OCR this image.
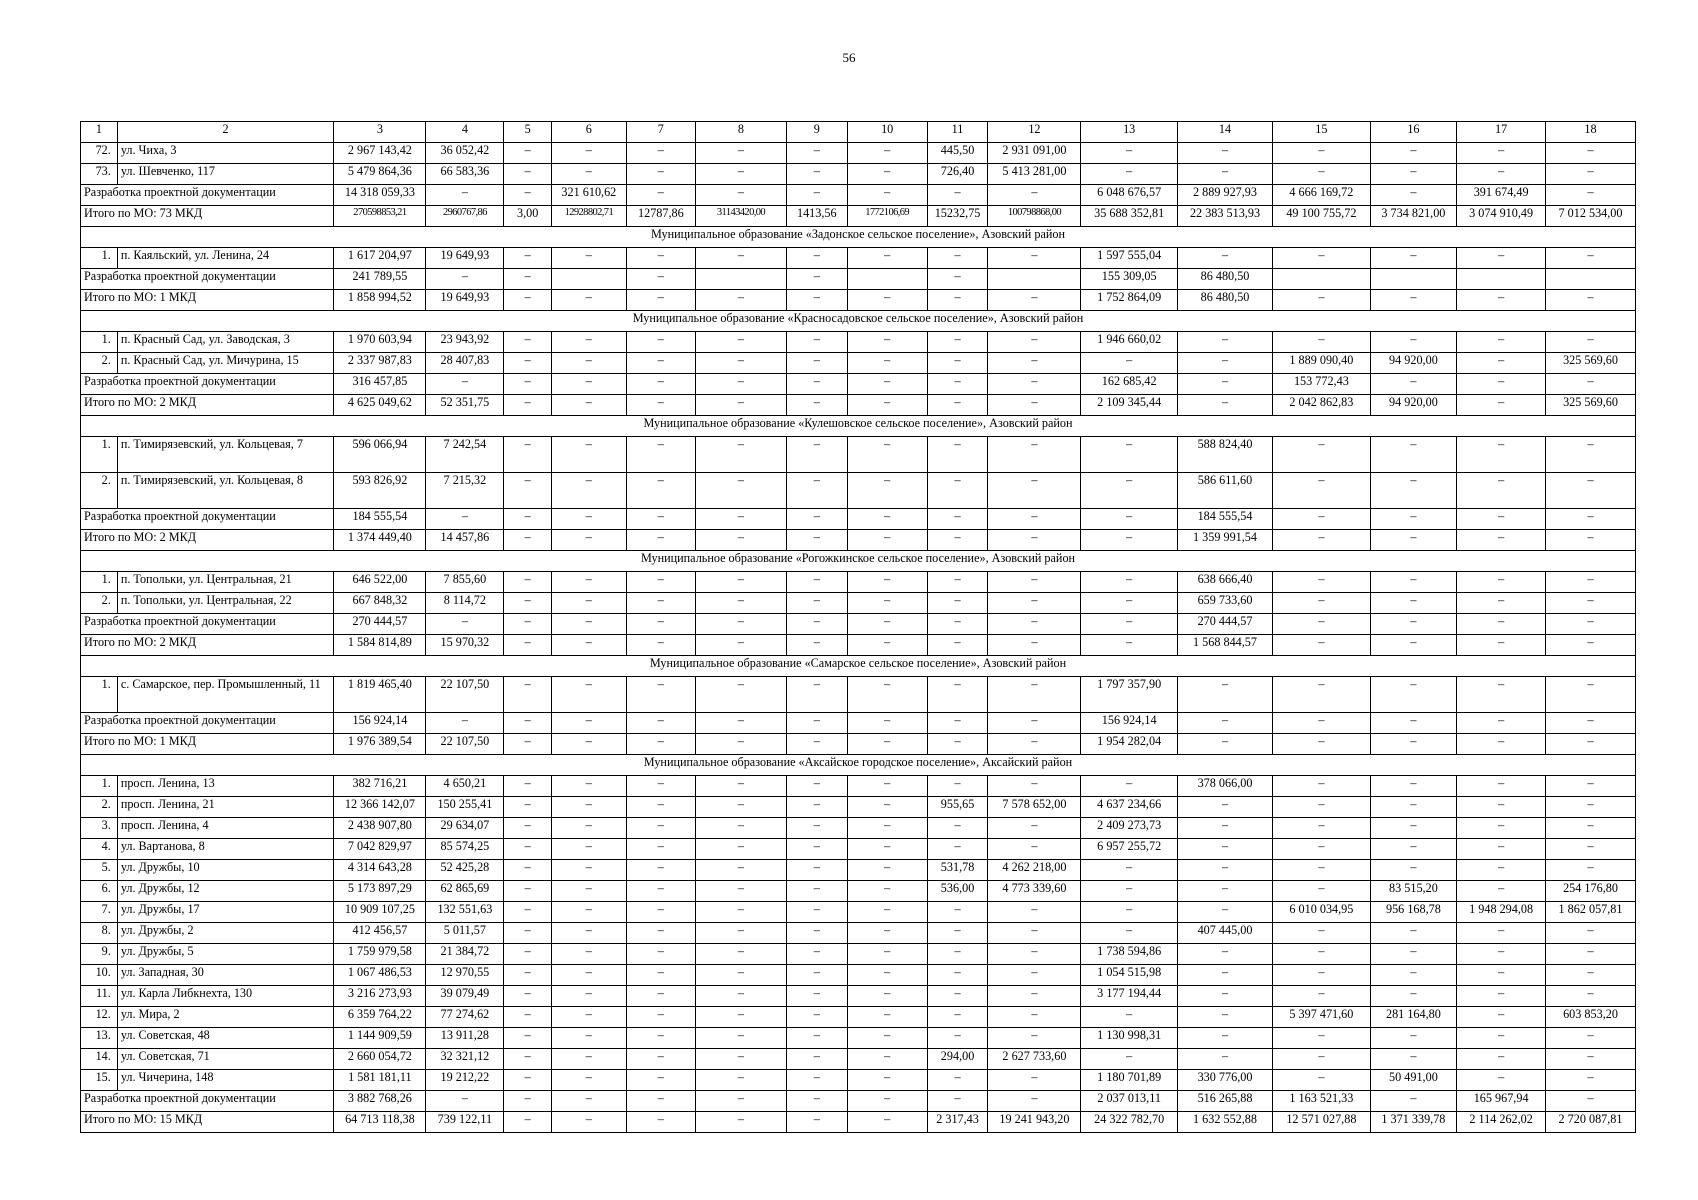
56
1	2	3	4	5	6	7	8	9	10	11	12	13	14	15	16	17	18
72.	ул. Чиха, 3	2 967 143,42	36 052,42	–	–	–	–	–	–	445,50	2 931 091,00	–	–	–	–	–	–
73.	ул. Шевченко, 117	5 479 864,36	66 583,36	–	–	–	–	–	–	726,40	5 413 281,00	–	–	–	–	–	–
Разработка проектной документации		14 318 059,33	–	–	321 610,62	–	–	–	–	–	–	6 048 676,57	2 889 927,93	4 666 169,72	–	391 674,49	–
Итого по МО: 73 МКД		270598853,21	2960767,86	3,00	12928802,71	12787,86	31143420,00	1413,56	1772106,69	15232,75	100798868,00	35 688 352,81	22 383 513,93	49 100 755,72	3 734 821,00	3 074 910,49	7 012 534,00
Муниципальное образование «Задонское сельское поселение», Азовский район																	
1.	п. Каяльский, ул. Ленина, 24	1 617 204,97	19 649,93	–	–	–	–	–	–	–	–	1 597 555,04	–	–	–	–	–
Разработка проектной документации		241 789,55	–	–		–		–		–		155 309,05	86 480,50				
Итого по МО: 1 МКД		1 858 994,52	19 649,93	–	–	–	–	–	–	–	–	1 752 864,09	86 480,50	–	–	–	–
Муниципальное образование «Красносадовское сельское поселение», Азовский район																	
1.	п. Красный Сад, ул. Заводская, 3	1 970 603,94	23 943,92	–	–	–	–	–	–	–	–	1 946 660,02	–	–	–	–	–
2.	п. Красный Сад, ул. Мичурина, 15	2 337 987,83	28 407,83	–	–	–	–	–	–	–	–	–	–	1 889 090,40	94 920,00	–	325 569,60
Разработка проектной документации		316 457,85	–	–	–	–	–	–	–	–	–	162 685,42	–	153 772,43	–	–	–
Итого по МО: 2 МКД		4 625 049,62	52 351,75	–	–	–	–	–	–	–	–	2 109 345,44	–	2 042 862,83	94 920,00	–	325 569,60
Муниципальное образование «Кулешовское сельское поселение», Азовский район																	
1.	п. Тимирязевский, ул. Кольцевая, 7	596 066,94	7 242,54	–	–	–	–	–	–	–	–	–	588 824,40	–	–	–	–
2.	п. Тимирязевский, ул. Кольцевая, 8	593 826,92	7 215,32	–	–	–	–	–	–	–	–	–	586 611,60	–	–	–	–
Разработка проектной документации		184 555,54	–	–	–	–	–	–	–	–	–	–	184 555,54	–	–	–	–
Итого по МО: 2 МКД		1 374 449,40	14 457,86	–	–	–	–	–	–	–	–	–	1 359 991,54	–	–	–	–
Муниципальное образование «Рогожкинское сельское поселение», Азовский район																	
1.	п. Топольки, ул. Центральная, 21	646 522,00	7 855,60	–	–	–	–	–	–	–	–	–	638 666,40	–	–	–	–
2.	п. Топольки, ул. Центральная, 22	667 848,32	8 114,72	–	–	–	–	–	–	–	–	–	659 733,60	–	–	–	–
Разработка проектной документации		270 444,57	–	–	–	–	–	–	–	–	–	–	270 444,57	–	–	–	–
Итого по МО: 2 МКД		1 584 814,89	15 970,32	–	–	–	–	–	–	–	–	–	1 568 844,57	–	–	–	–
Муниципальное образование «Самарское сельское поселение», Азовский район																	
1.	с. Самарское, пер. Промышленный, 11	1 819 465,40	22 107,50	–	–	–	–	–	–	–	–	1 797 357,90	–	–	–	–	–
Разработка проектной документации		156 924,14	–	–	–	–	–	–	–	–	–	156 924,14	–	–	–	–	–
Итого по МО: 1 МКД		1 976 389,54	22 107,50	–	–	–	–	–	–	–	–	1 954 282,04	–	–	–	–	–
Муниципальное образование «Аксайское городское поселение», Аксайский район																	
1.	просп. Ленина, 13	382 716,21	4 650,21	–	–	–	–	–	–	–	–	–	378 066,00	–	–	–	–
2.	просп. Ленина, 21	12 366 142,07	150 255,41	–	–	–	–	–	–	955,65	7 578 652,00	4 637 234,66	–	–	–	–	–
3.	просп. Ленина, 4	2 438 907,80	29 634,07	–	–	–	–	–	–	–	–	2 409 273,73	–	–	–	–	–
4.	ул. Вартанова, 8	7 042 829,97	85 574,25	–	–	–	–	–	–	–	–	6 957 255,72	–	–	–	–	–
5.	ул. Дружбы, 10	4 314 643,28	52 425,28	–	–	–	–	–	–	531,78	4 262 218,00	–	–	–	–	–	–
6.	ул. Дружбы, 12	5 173 897,29	62 865,69	–	–	–	–	–	–	536,00	4 773 339,60	–	–	–	83 515,20	–	254 176,80
7.	ул. Дружбы, 17	10 909 107,25	132 551,63	–	–	–	–	–	–	–	–	–	–	6 010 034,95	956 168,78	1 948 294,08	1 862 057,81
8.	ул. Дружбы, 2	412 456,57	5 011,57	–	–	–	–	–	–	–	–	–	407 445,00	–	–	–	–
9.	ул. Дружбы, 5	1 759 979,58	21 384,72	–	–	–	–	–	–	–	–	1 738 594,86	–	–	–	–	–
10.	ул. Западная, 30	1 067 486,53	12 970,55	–	–	–	–	–	–	–	–	1 054 515,98	–	–	–	–	–
11.	ул. Карла Либкнехта, 130	3 216 273,93	39 079,49	–	–	–	–	–	–	–	–	3 177 194,44	–	–	–	–	–
12.	ул. Мира, 2	6 359 764,22	77 274,62	–	–	–	–	–	–	–	–	–	–	5 397 471,60	281 164,80	–	603 853,20
13.	ул. Советская, 48	1 144 909,59	13 911,28	–	–	–	–	–	–	–	–	1 130 998,31	–	–	–	–	–
14.	ул. Советская, 71	2 660 054,72	32 321,12	–	–	–	–	–	–	294,00	2 627 733,60	–	–	–	–	–	–
15.	ул. Чичерина, 148	1 581 181,11	19 212,22	–	–	–	–	–	–	–	–	1 180 701,89	330 776,00	–	50 491,00	–	–
Разработка проектной документации		3 882 768,26	–	–	–	–	–	–	–	–	–	2 037 013,11	516 265,88	1 163 521,33	–	165 967,94	–
Итого по МО: 15 МКД		64 713 118,38	739 122,11	–	–	–	–	–	–	2 317,43	19 241 943,20	24 322 782,70	1 632 552,88	12 571 027,88	1 371 339,78	2 114 262,02	2 720 087,81
